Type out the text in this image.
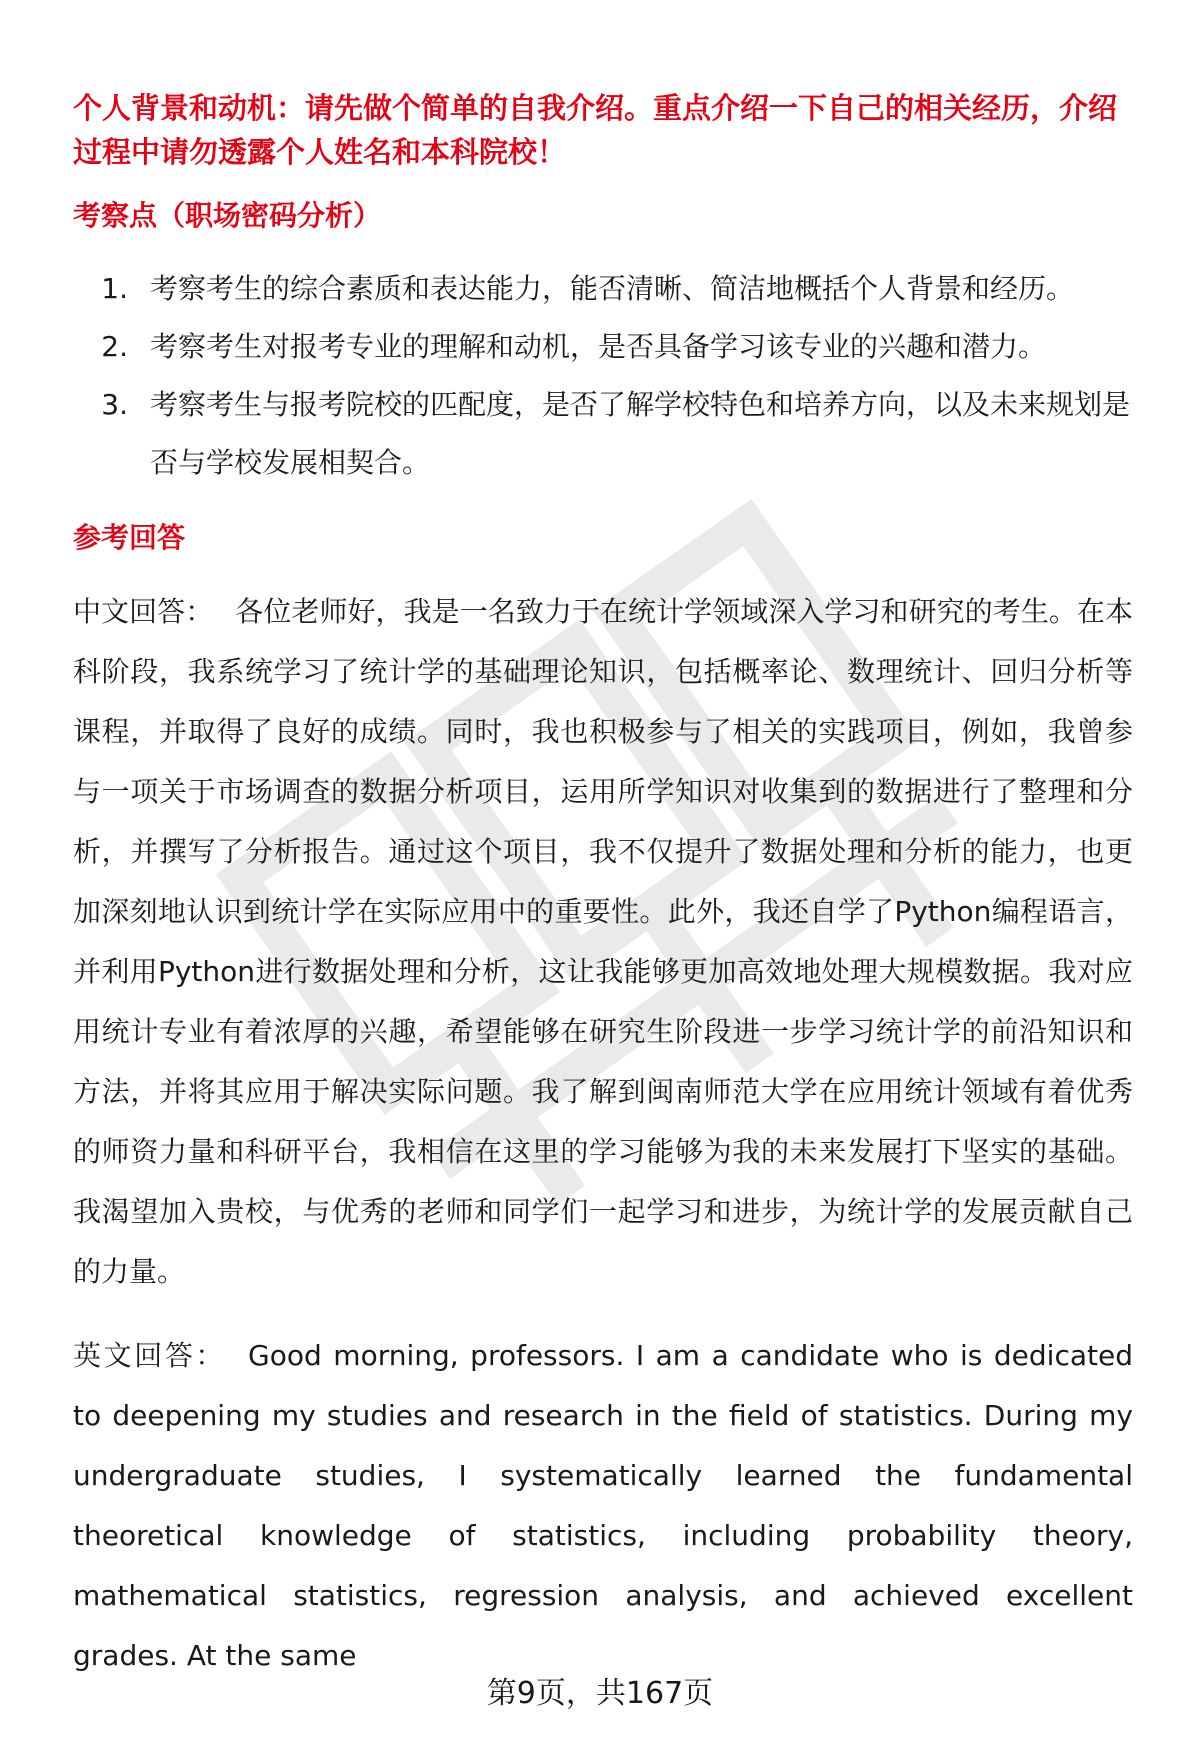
个人背景和动机：请先做个简单的自我介绍。重点介绍一下自己的相关经历，介绍过程中请勿透露个人姓名和本科院校！

考察点（职场密码分析）
1. 考察考生的综合素质和表达能力，能否清晰、简洁地概括个人背景和经历。
2. 考察考生对报考专业的理解和动机，是否具备学习该专业的兴趣和潜力。
3. 考察考生与报考院校的匹配度，是否了解学校特色和培养方向，以及未来规划是否与学校发展相契合。
参考回答

中文回答： 各位老师好，我是一名致力于在统计学领域深入学习和研究的考生。在本科阶段，我系统学习了统计学的基础理论知识，包括概率论、数理统计、回归分析等课程，并取得了良好的成绩。同时，我也积极参与了相关的实践项目，例如，我曾参与一项关于市场调查的数据分析项目，运用所学知识对收集到的数据进行了整理和分析，并撰写了分析报告。通过这个项目，我不仅提升了数据处理和分析的能力，也更加深刻地认识到统计学在实际应用中的重要性。此外，我还自学了Python编程语言，并利用Python进行数据处理和分析，这让我能够更加高效地处理大规模数据。我对应用统计专业有着浓厚的兴趣，希望能够在研究生阶段进一步学习统计学的前沿知识和方法，并将其应用于解决实际问题。我了解到闽南师范大学在应用统计领域有着优秀的师资力量和科研平台，我相信在这里的学习能够为我的未来发展打下坚实的基础。我渴望加入贵校，与优秀的老师和同学们一起学习和进步，为统计学的发展贡献自己的力量。

英文回答： Good morning, professors. I am a candidate who is dedicated to deepening my studies and research in the field of statistics. During my undergraduate studies, I systematically learned the fundamental theoretical knowledge of statistics, including probability theory, mathematical statistics, regression analysis, and achieved excellent grades. At the same

第9页，共167页
